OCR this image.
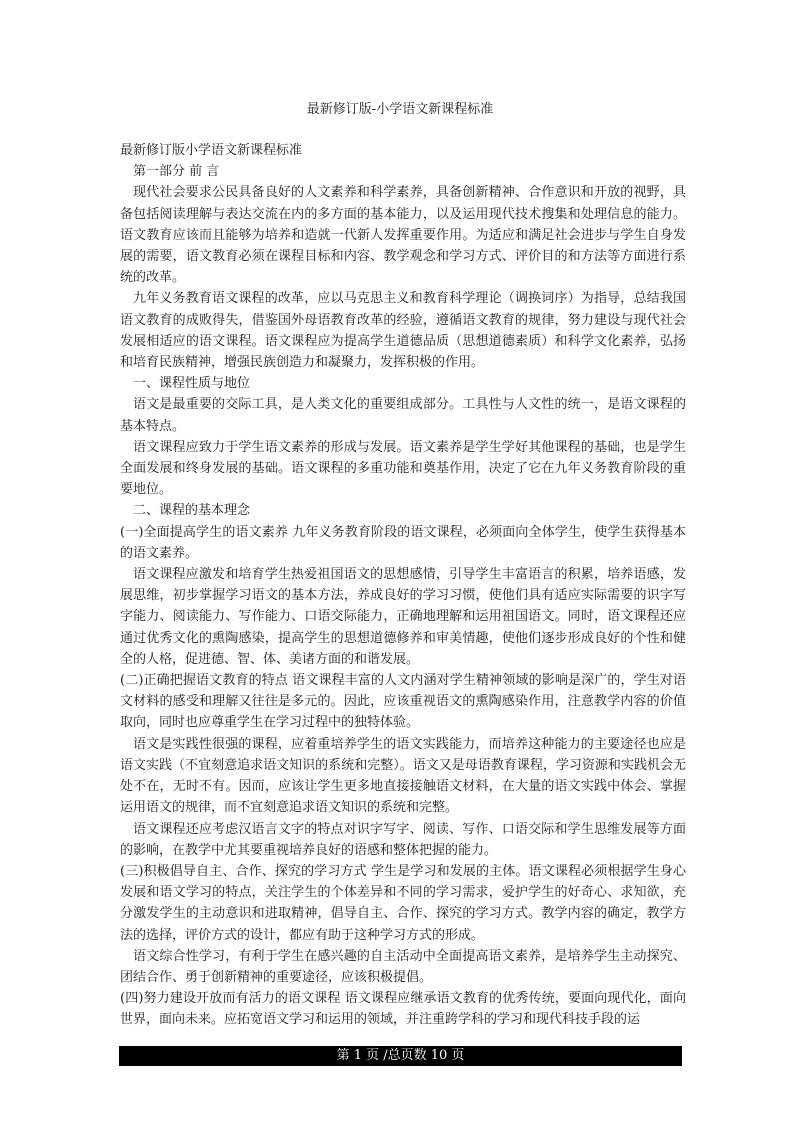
最新修订版-小学语文新课程标准

最新修订版小学语文新课程标准

第一部分 前 言

现代社会要求公民具备良好的人文素养和科学素养，具备创新精神、合作意识和开放的视野，具备包括阅读理解与表达交流在内的多方面的基本能力，以及运用现代技术搜集和处理信息的能力。语文教育应该而且能够为培养和造就一代新人发挥重要作用。为适应和满足社会进步与学生自身发展的需要，语文教育必须在课程目标和内容、教学观念和学习方式、评价目的和方法等方面进行系统的改革。

九年义务教育语文课程的改革，应以马克思主义和教育科学理论（调换词序）为指导，总结我国语文教育的成败得失，借鉴国外母语教育改革的经验，遵循语文教育的规律，努力建设与现代社会发展相适应的语文课程。语文课程应为提高学生道德品质（思想道德素质）和科学文化素养，弘扬和培育民族精神，增强民族创造力和凝聚力，发挥积极的作用。

一、课程性质与地位

语文是最重要的交际工具，是人类文化的重要组成部分。工具性与人文性的统一，是语文课程的基本特点。

语文课程应致力于学生语文素养的形成与发展。语文素养是学生学好其他课程的基础，也是学生全面发展和终身发展的基础。语文课程的多重功能和奠基作用，决定了它在九年义务教育阶段的重要地位。

二、课程的基本理念

(一)全面提高学生的语文素养 九年义务教育阶段的语文课程，必须面向全体学生，使学生获得基本的语文素养。

语文课程应激发和培育学生热爱祖国语文的思想感情，引导学生丰富语言的积累，培养语感，发展思维，初步掌握学习语文的基本方法，养成良好的学习习惯，使他们具有适应实际需要的识字写字能力、阅读能力、写作能力、口语交际能力，正确地理解和运用祖国语文。同时，语文课程还应通过优秀文化的熏陶感染，提高学生的思想道德修养和审美情趣，使他们逐步形成良好的个性和健全的人格，促进德、智、体、美诸方面的和谐发展。

(二)正确把握语文教育的特点 语文课程丰富的人文内涵对学生精神领域的影响是深广的，学生对语文材料的感受和理解又往往是多元的。因此，应该重视语文的熏陶感染作用，注意教学内容的价值取向，同时也应尊重学生在学习过程中的独特体验。

语文是实践性很强的课程，应着重培养学生的语文实践能力，而培养这种能力的主要途径也应是语文实践（不宜刻意追求语文知识的系统和完整）。语文又是母语教育课程，学习资源和实践机会无处不在，无时不有。因而，应该让学生更多地直接接触语文材料，在大量的语文实践中体会、掌握运用语文的规律，而不宜刻意追求语文知识的系统和完整。

语文课程还应考虑汉语言文字的特点对识字写字、阅读、写作、口语交际和学生思维发展等方面的影响，在教学中尤其要重视培养良好的语感和整体把握的能力。

(三)积极倡导自主、合作、探究的学习方式 学生是学习和发展的主体。语文课程必须根据学生身心发展和语文学习的特点，关注学生的个体差异和不同的学习需求，爱护学生的好奇心、求知欲，充分激发学生的主动意识和进取精神，倡导自主、合作、探究的学习方式。教学内容的确定，教学方法的选择，评价方式的设计，都应有助于这种学习方式的形成。

语文综合性学习，有利于学生在感兴趣的自主活动中全面提高语文素养，是培养学生主动探究、团结合作、勇于创新精神的重要途径，应该积极提倡。

(四)努力建设开放而有活力的语文课程 语文课程应继承语文教育的优秀传统，要面向现代化，面向世界，面向未来。应拓宽语文学习和运用的领域，并注重跨学科的学习和现代科技手段的运

第 1 页 /总页数 10 页
